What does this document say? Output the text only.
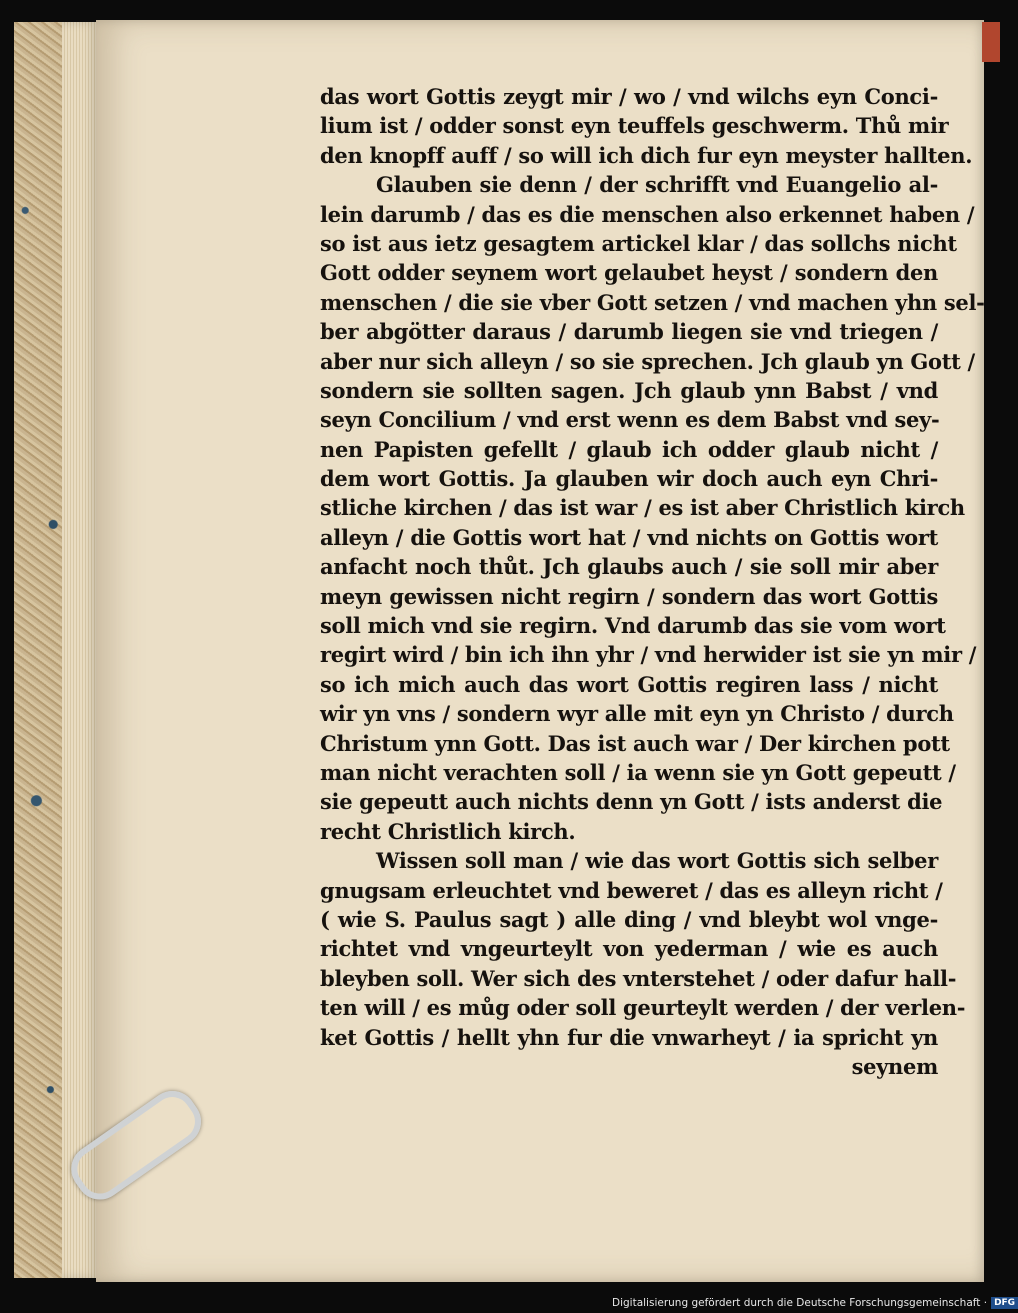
das wort Gottis zeygt mir / wo / vnd wilchs eyn Conci-
lium ist / odder sonst eyn teuffels geschwerm. Thů mir
den knopff auff / so will ich dich fur eyn meyster hallten.
Glauben sie denn / der schrifft vnd Euangelio al-
lein darumb / das es die menschen also erkennet haben /
so ist aus ietz gesagtem artickel klar / das sollchs nicht
Gott odder seynem wort gelaubet heyst / sondern den
menschen / die sie vber Gott setzen / vnd machen yhn sel-
ber abgötter daraus / darumb liegen sie vnd triegen /
aber nur sich alleyn / so sie sprechen. Jch glaub yn Gott /
sondern sie sollten sagen. Jch glaub ynn Babst / vnd
seyn Concilium / vnd erst wenn es dem Babst vnd sey-
nen Papisten gefellt / glaub ich odder glaub nicht /
dem wort Gottis. Ja glauben wir doch auch eyn Chri-
stliche kirchen / das ist war / es ist aber Christlich kirch
alleyn / die Gottis wort hat / vnd nichts on Gottis wort
anfacht noch thůt. Jch glaubs auch / sie soll mir aber
meyn gewissen nicht regirn / sondern das wort Gottis
soll mich vnd sie regirn. Vnd darumb das sie vom wort
regirt wird / bin ich ihn yhr / vnd herwider ist sie yn mir /
so ich mich auch das wort Gottis regiren lass / nicht
wir yn vns / sondern wyr alle mit eyn yn Christo / durch
Christum ynn Gott. Das ist auch war / Der kirchen pott
man nicht verachten soll / ia wenn sie yn Gott gepeutt /
sie gepeutt auch nichts denn yn Gott / ists anderst die
recht Christlich kirch.
Wissen soll man / wie das wort Gottis sich selber
gnugsam erleuchtet vnd beweret / das es alleyn richt /
( wie S. Paulus sagt ) alle ding / vnd bleybt wol vnge-
richtet vnd vngeurteylt von yederman / wie es auch
bleyben soll. Wer sich des vnterstehet / oder dafur hall-
ten will / es můg oder soll geurteylt werden / der verlen-
ket Gottis / hellt yhn fur die vnwarheyt / ia spricht yn
seynem
Digitalisierung gefördert durch die Deutsche Forschungsgemeinschaft · DFG
